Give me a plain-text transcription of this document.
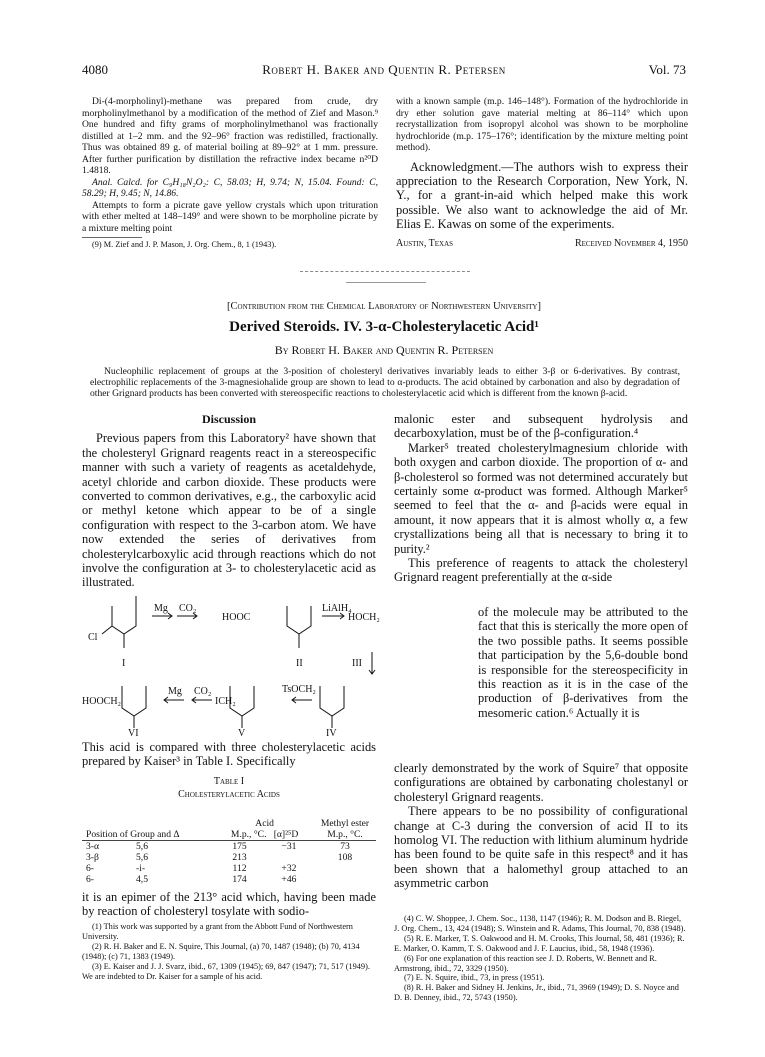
4080	Robert H. Baker and Quentin R. Petersen	Vol. 73

Di-(4-morpholinyl)-methane was prepared from crude, dry morpholinylmethanol by a modification of the method of Zief and Mason.⁹ One hundred and fifty grams of morpholinylmethanol was fractionally distilled at 1–2 mm. and the 92–96° fraction was redistilled, fractionally. Thus was obtained 89 g. of material boiling at 89–92° at 1 mm. pressure. After further purification by distillation the refractive index became n²⁰D 1.4818.

Anal. Calcd. for C₉H₁₈N₂O₂: C, 58.03; H, 9.74; N, 15.04. Found: C, 58.29; H, 9.45; N, 14.86.

Attempts to form a picrate gave yellow crystals which upon trituration with ether melted at 148–149° and were shown to be morpholine picrate by a mixture melting point

(9) M. Zief and J. P. Mason, J. Org. Chem., 8, 1 (1943).

with a known sample (m.p. 146–148°). Formation of the hydrochloride in dry ether solution gave material melting at 86–114° which upon recrystallization from isopropyl alcohol was shown to be morpholine hydrochloride (m.p. 175–176°; identification by the mixture melting point method).

Acknowledgment.—The authors wish to express their appreciation to the Research Corporation, New York, N. Y., for a grant-in-aid which helped make this work possible. We also want to acknowledge the aid of Mr. Elias E. Kawas on some of the experiments.

Austin, Texas	Received November 4, 1950
[Contribution from the Chemical Laboratory of Northwestern University]
Derived Steroids. IV. 3-α-Cholesterylacetic Acid¹
By Robert H. Baker and Quentin R. Petersen

Nucleophilic replacement of groups at the 3-position of cholesteryl derivatives invariably leads to either 3-β or 6-derivatives. By contrast, electrophilic replacements of the 3-magnesiohalide group are shown to lead to α-products. The acid obtained by carbonation and also by degradation of other Grignard products has been converted with stereospecific reactions to cholesterylacetic acid which is different from the known β-acid.

Discussion

Previous papers from this Laboratory² have shown that the cholesteryl Grignard reagents react in a stereospecific manner with such a variety of reagents as acetaldehyde, acetyl chloride and carbon dioxide. These products were converted to common derivatives, e.g., the carboxylic acid or methyl ketone which appear to be of a single configuration with respect to the 3-carbon atom. We have now extended the series of derivatives from cholesterylcarboxylic acid through reactions which do not involve the configuration at 3- to cholesterylacetic acid as illustrated.

Mg CO₂
HOOC
LiAlH₄
HOCH₂
Cl
I	II	III
CO₂
Mg
ICH₂
TsOCH₂
HOOCH₂
VI	V	IV

This acid is compared with three cholesterylacetic acids prepared by Kaiser³ in Table I. Specifically

Table I
Cholesterylacetic Acids
Position of Group and Δ	Acid
M.p., °C. [α]²⁵D		Methyl ester M.p., °C.
3-α 5,6	175	−31	73
3-β 5,6	213		108
6- -i-	112	+32	
6- 4,5	174	+46	

it is an epimer of the 213° acid which, having been made by reaction of cholesteryl tosylate with sodio-

(1) This work was supported by a grant from the Abbott Fund of Northwestern University.

(2) R. H. Baker and E. N. Squire, This Journal, (a) 70, 1487 (1948); (b) 70, 4134 (1948); (c) 71, 1383 (1949).

(3) E. Kaiser and J. J. Svarz, ibid., 67, 1309 (1945); 69, 847 (1947); 71, 517 (1949). We are indebted to Dr. Kaiser for a sample of his acid.

malonic ester and subsequent hydrolysis and decarboxylation, must be of the β-configuration.⁴

Marker⁵ treated cholesterylmagnesium chloride with both oxygen and carbon dioxide. The proportion of α- and β-cholesterol so formed was not determined accurately but certainly some α-product was formed. Although Marker⁵ seemed to feel that the α- and β-acids were equal in amount, it now appears that it is almost wholly α, a few crystallizations being all that is necessary to bring it to purity.²

This preference of reagents to attack the cholesteryl Grignard reagent preferentially at the α-side

of the molecule may be attributed to the fact that this is sterically the more open of the two possible paths. It seems possible that participation by the 5,6-double bond is responsible for the stereospecificity in this reaction as it is in the case of the production of β-derivatives from the mesomeric cation.⁶ Actually it is

clearly demonstrated by the work of Squire⁷ that opposite configurations are obtained by carbonating cholestanyl or cholesteryl Grignard reagents.

There appears to be no possibility of configurational change at C-3 during the conversion of acid II to its homolog VI. The reduction with lithium aluminum hydride has been found to be quite safe in this respect⁸ and it has been shown that a halomethyl group attached to an asymmetric carbon

(4) C. W. Shoppee, J. Chem. Soc., 1138, 1147 (1946); R. M. Dodson and B. Riegel, J. Org. Chem., 13, 424 (1948); S. Winstein and R. Adams, This Journal, 70, 838 (1948).

(5) R. E. Marker, T. S. Oakwood and H. M. Crooks, This Journal, 58, 481 (1936); R. E. Marker, O. Kamm, T. S. Oakwood and J. F. Laucius, ibid., 58, 1948 (1936).

(6) For one explanation of this reaction see J. D. Roberts, W. Bennett and R. Armstrong, ibid., 72, 3329 (1950).

(7) E. N. Squire, ibid., 73, in press (1951).

(8) R. H. Baker and Sidney H. Jenkins, Jr., ibid., 71, 3969 (1949); D. S. Noyce and D. B. Denney, ibid., 72, 5743 (1950).
